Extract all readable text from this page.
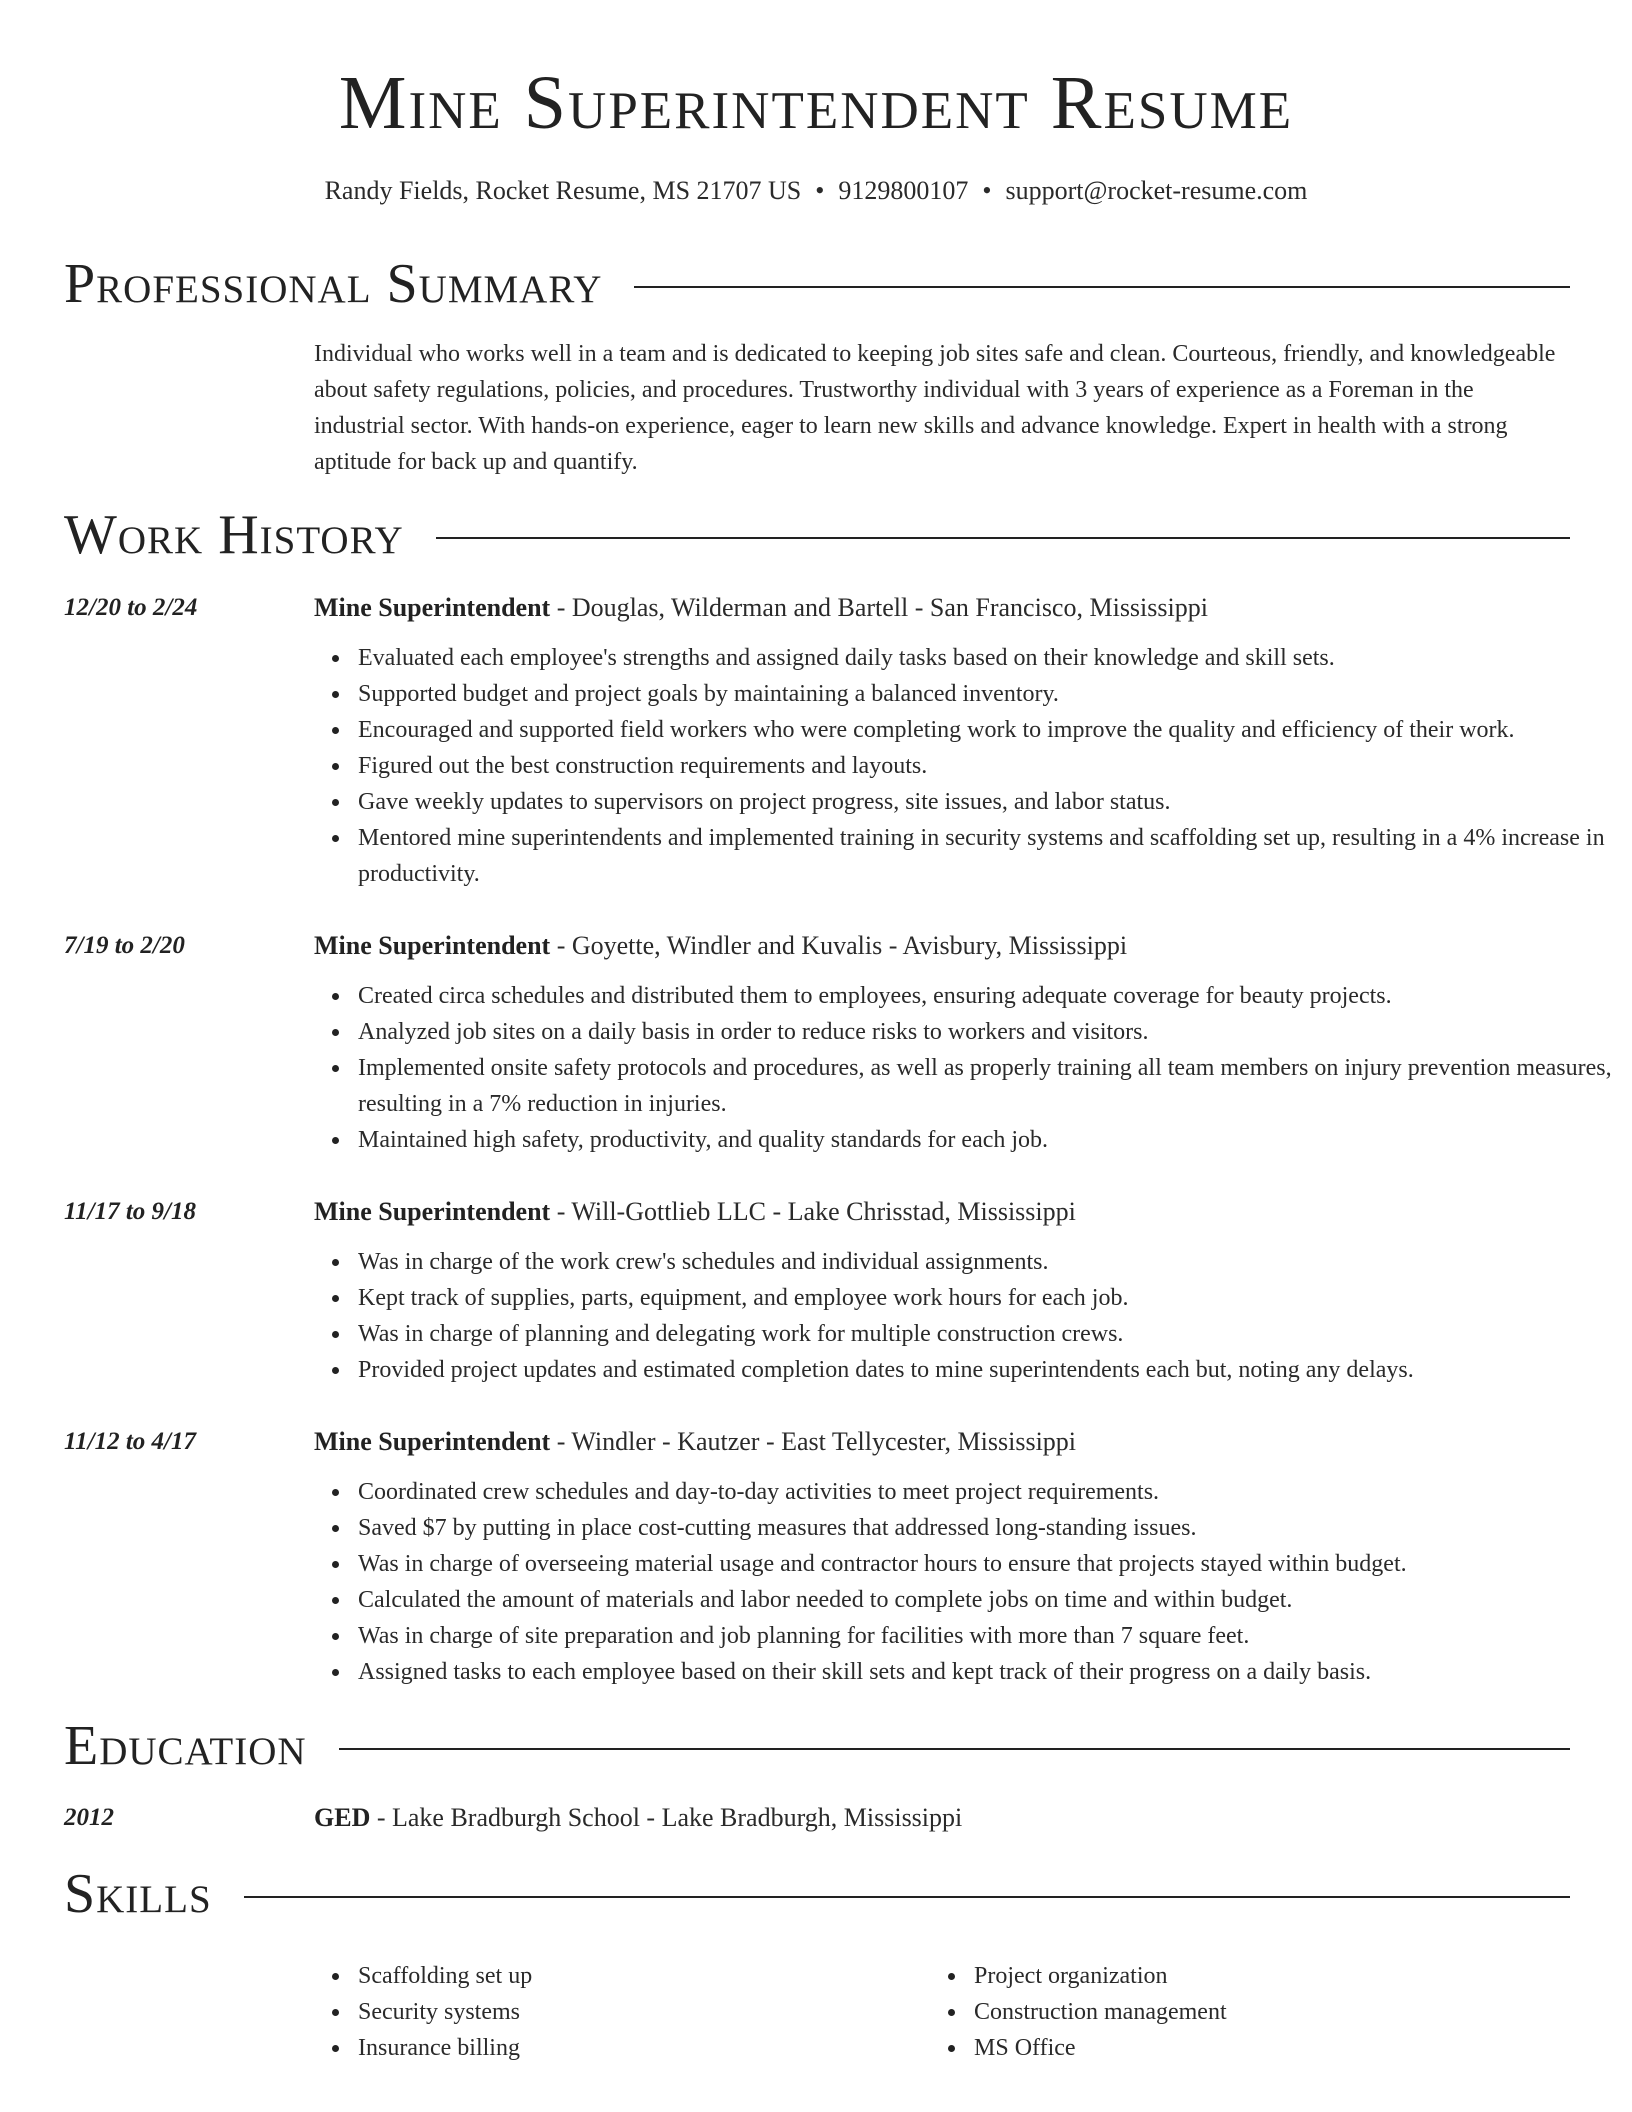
Mine Superintendent Resume
Randy Fields, Rocket Resume, MS 21707 US • 9129800107 • support@rocket-resume.com
Professional Summary

Individual who works well in a team and is dedicated to keeping job sites safe and clean. Courteous, friendly, and knowledgeable about safety regulations, policies, and procedures. Trustworthy individual with 3 years of experience as a Foreman in the industrial sector. With hands-on experience, eager to learn new skills and advance knowledge. Expert in health with a strong aptitude for back up and quantify.

Work History
12/20 to 2/24	Mine Superintendent - Douglas, Wilderman and Bartell - San Francisco, Mississippi
Evaluated each employee's strengths and assigned daily tasks based on their knowledge and skill sets.
Supported budget and project goals by maintaining a balanced inventory.
Encouraged and supported field workers who were completing work to improve the quality and efficiency of their work.
Figured out the best construction requirements and layouts.
Gave weekly updates to supervisors on project progress, site issues, and labor status.
Mentored mine superintendents and implemented training in security systems and scaffolding set up, resulting in a 4% increase in productivity.
7/19 to 2/20	Mine Superintendent - Goyette, Windler and Kuvalis - Avisbury, Mississippi
Created circa schedules and distributed them to employees, ensuring adequate coverage for beauty projects.
Analyzed job sites on a daily basis in order to reduce risks to workers and visitors.
Implemented onsite safety protocols and procedures, as well as properly training all team members on injury prevention measures, resulting in a 7% reduction in injuries.
Maintained high safety, productivity, and quality standards for each job.
11/17 to 9/18	Mine Superintendent - Will-Gottlieb LLC - Lake Chrisstad, Mississippi
Was in charge of the work crew's schedules and individual assignments.
Kept track of supplies, parts, equipment, and employee work hours for each job.
Was in charge of planning and delegating work for multiple construction crews.
Provided project updates and estimated completion dates to mine superintendents each but, noting any delays.
11/12 to 4/17	Mine Superintendent - Windler - Kautzer - East Tellycester, Mississippi
Coordinated crew schedules and day-to-day activities to meet project requirements.
Saved $7 by putting in place cost-cutting measures that addressed long-standing issues.
Was in charge of overseeing material usage and contractor hours to ensure that projects stayed within budget.
Calculated the amount of materials and labor needed to complete jobs on time and within budget.
Was in charge of site preparation and job planning for facilities with more than 7 square feet.
Assigned tasks to each employee based on their skill sets and kept track of their progress on a daily basis.
Education
2012	GED - Lake Bradburgh School - Lake Bradburgh, Mississippi
Skills
Scaffolding set up
Security systems
Insurance billing
Project organization
Construction management
MS Office
